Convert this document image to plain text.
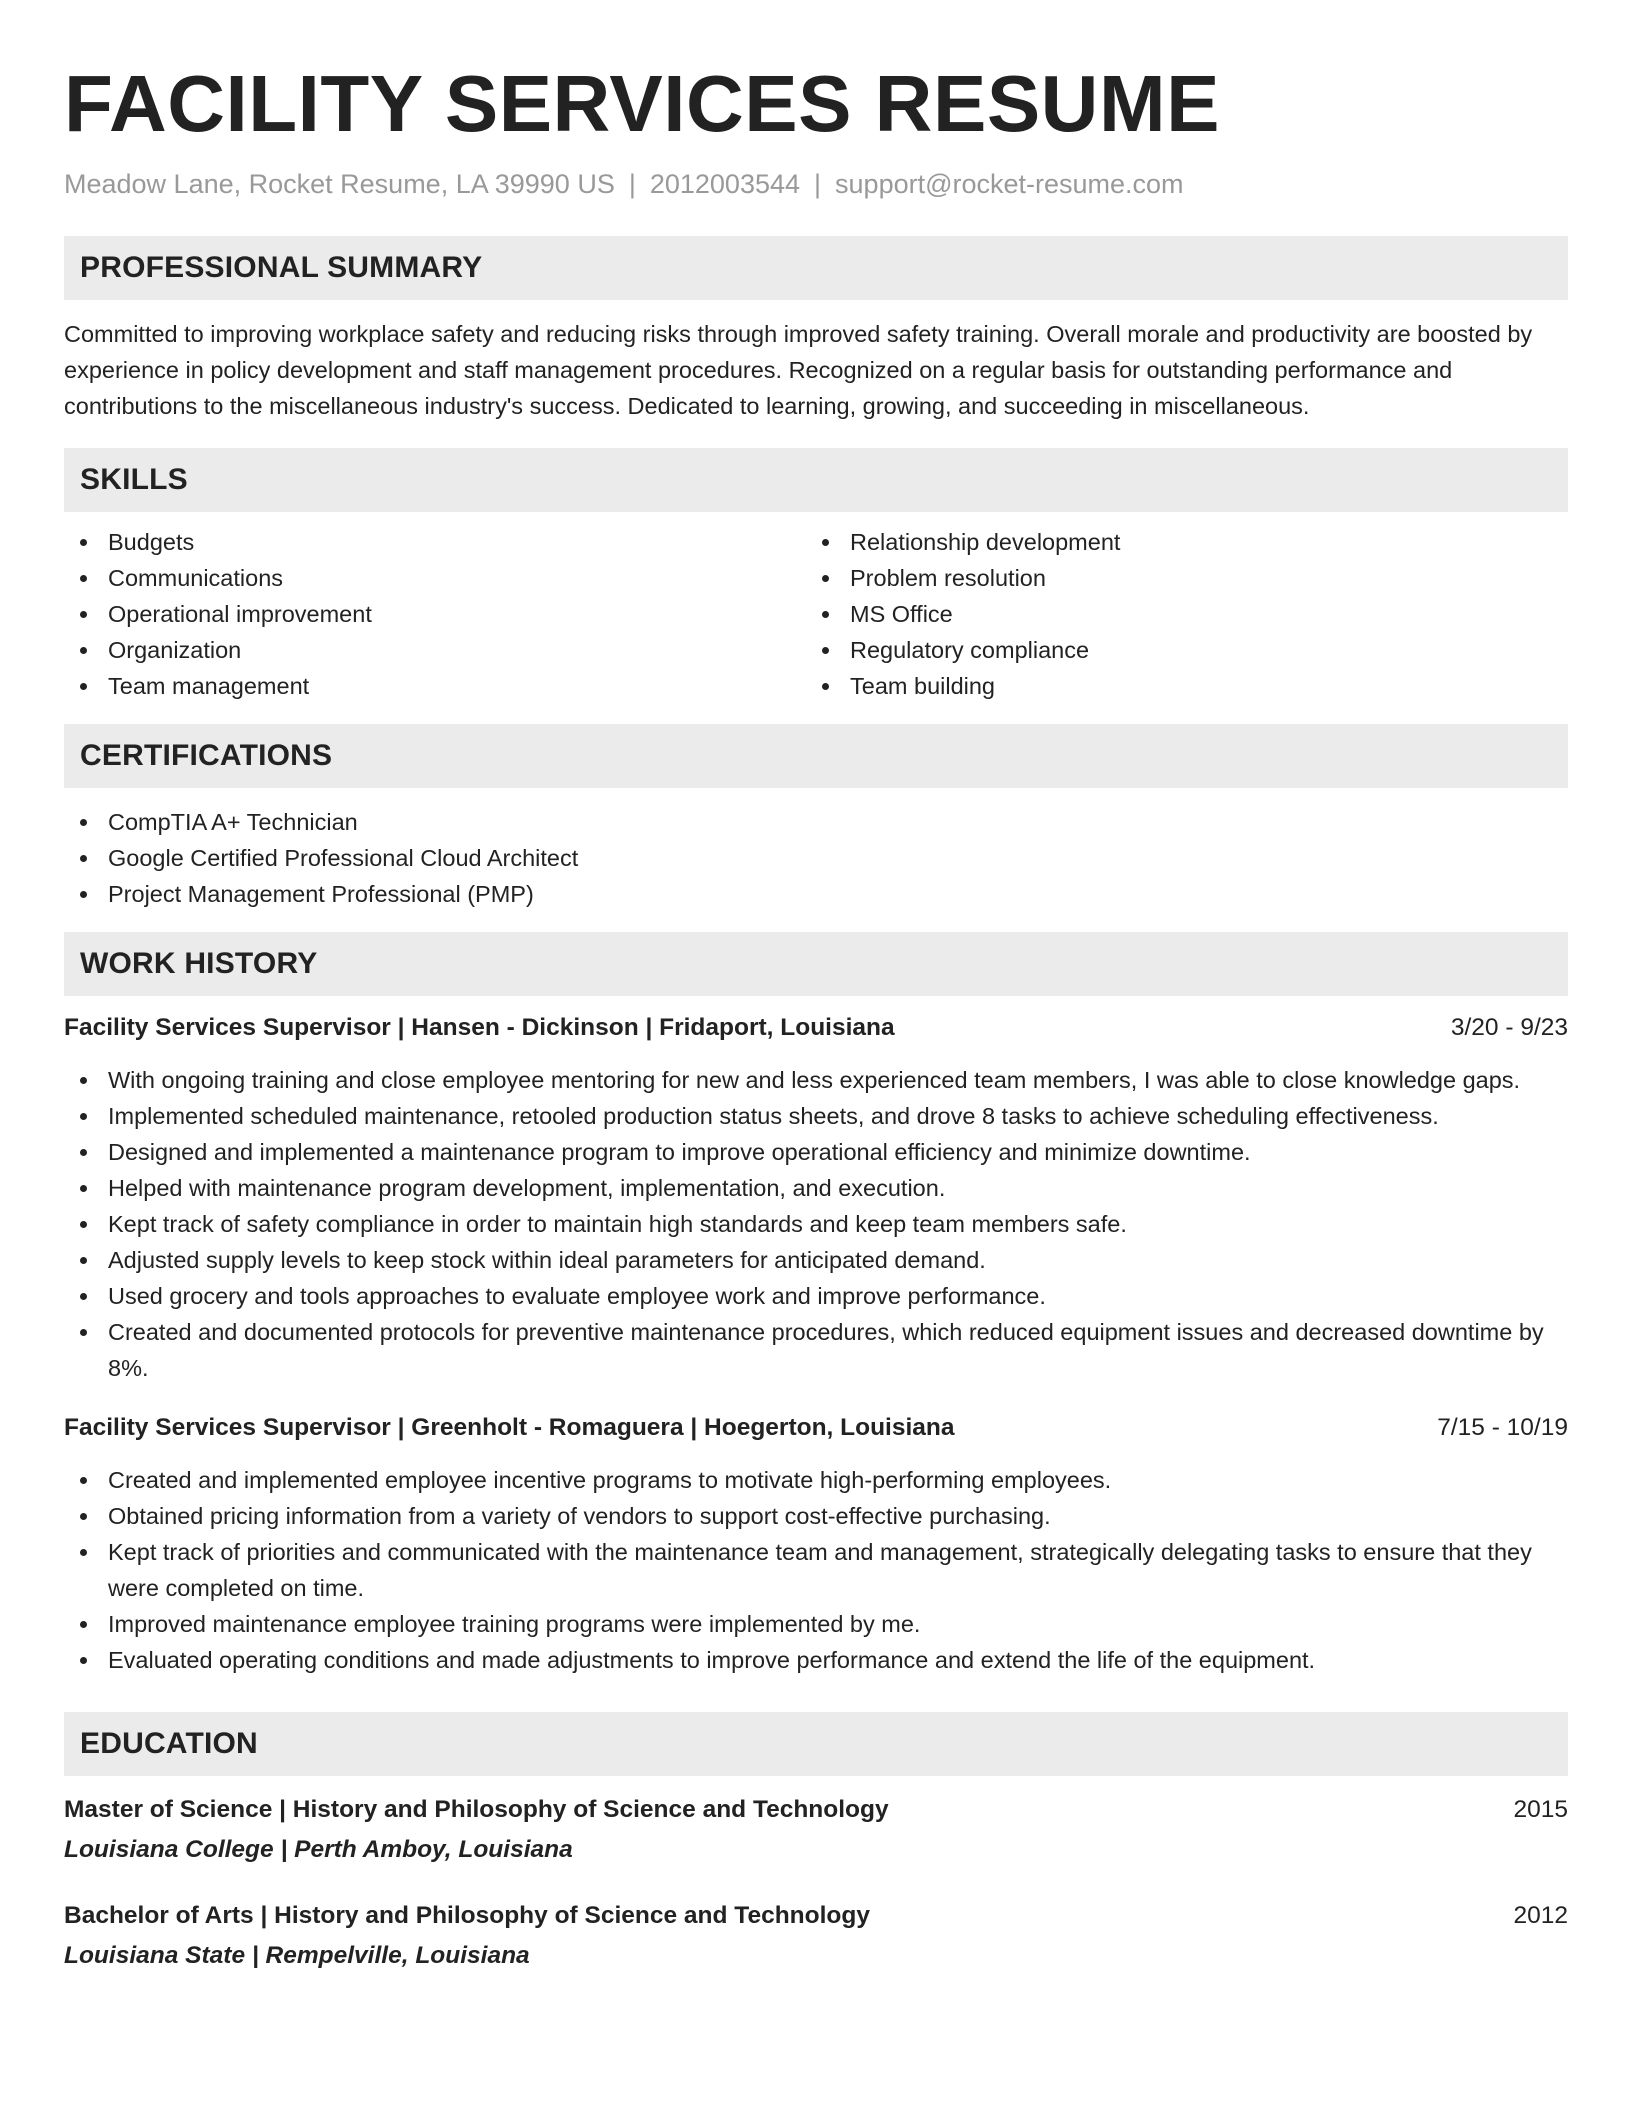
FACILITY SERVICES RESUME
Meadow Lane, Rocket Resume, LA 39990 US | 2012003544 | support@rocket-resume.com
PROFESSIONAL SUMMARY

Committed to improving workplace safety and reducing risks through improved safety training. Overall morale and productivity are boosted by experience in policy development and staff management procedures. Recognized on a regular basis for outstanding performance and contributions to the miscellaneous industry's success. Dedicated to learning, growing, and succeeding in miscellaneous.

SKILLS
Budgets
Communications
Operational improvement
Organization
Team management
Relationship development
Problem resolution
MS Office
Regulatory compliance
Team building
CERTIFICATIONS
CompTIA A+ Technician
Google Certified Professional Cloud Architect
Project Management Professional (PMP)
WORK HISTORY
Facility Services Supervisor | Hansen - Dickinson | Fridaport, Louisiana	3/20 - 9/23
With ongoing training and close employee mentoring for new and less experienced team members, I was able to close knowledge gaps.
Implemented scheduled maintenance, retooled production status sheets, and drove 8 tasks to achieve scheduling effectiveness.
Designed and implemented a maintenance program to improve operational efficiency and minimize downtime.
Helped with maintenance program development, implementation, and execution.
Kept track of safety compliance in order to maintain high standards and keep team members safe.
Adjusted supply levels to keep stock within ideal parameters for anticipated demand.
Used grocery and tools approaches to evaluate employee work and improve performance.
Created and documented protocols for preventive maintenance procedures, which reduced equipment issues and decreased downtime by 8%.
Facility Services Supervisor | Greenholt - Romaguera | Hoegerton, Louisiana	7/15 - 10/19
Created and implemented employee incentive programs to motivate high-performing employees.
Obtained pricing information from a variety of vendors to support cost-effective purchasing.
Kept track of priorities and communicated with the maintenance team and management, strategically delegating tasks to ensure that they were completed on time.
Improved maintenance employee training programs were implemented by me.
Evaluated operating conditions and made adjustments to improve performance and extend the life of the equipment.
EDUCATION
Master of Science | History and Philosophy of Science and Technology	2015
Louisiana College | Perth Amboy, Louisiana
Bachelor of Arts | History and Philosophy of Science and Technology	2012
Louisiana State | Rempelville, Louisiana
